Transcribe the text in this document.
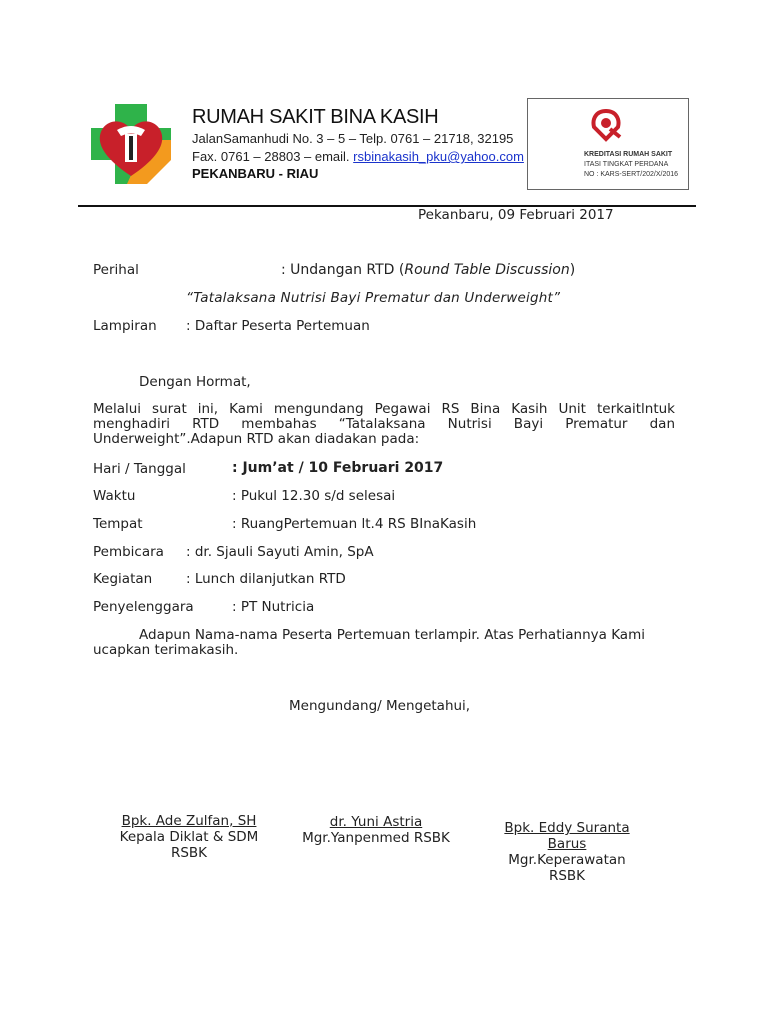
RUMAH SAKIT BINA KASIH
JalanSamanhudi No. 3 – 5 – Telp. 0761 – 21718, 32195
Fax. 0761 – 28803 – email. rsbinakasih_pku@yahoo.com
PEKANBARU - RIAU
KREDITASI RUMAH SAKIT
ITASI TINGKAT PERDANA
NO : KARS-SERT/202/X/2016
Pekanbaru, 09 Februari 2017
Perihal	: Undangan RTD (Round Table Discussion)
“Tatalaksana Nutrisi Bayi Prematur dan Underweight”
Lampiran : Daftar Peserta Pertemuan
Dengan Hormat,
Melalui surat ini, Kami mengundang Pegawai RS Bina Kasih Unit terkaitlntuk
menghadiri RTD membahas “Tatalaksana Nutrisi Bayi Prematur dan
Underweight”.Adapun RTD akan diadakan pada:
Hari / Tanggal	: Jum’at / 10 Februari 2017
Waktu	: Pukul 12.30 s/d selesai
Tempat	: RuangPertemuan lt.4 RS BInaKasih
Pembicara : dr. Sjauli Sayuti Amin, SpA
Kegiatan	: Lunch dilanjutkan RTD
Penyelenggara	: PT Nutricia
Adapun Nama-nama Peserta Pertemuan terlampir. Atas Perhatiannya Kami
ucapkan terimakasih.
Mengundang/ Mengetahui,
Bpk. Ade Zulfan, SH
Kepala Diklat & SDM
RSBK
dr. Yuni Astria
Mgr.Yanpenmed RSBK
Bpk. Eddy Suranta
Barus
Mgr.Keperawatan
RSBK
